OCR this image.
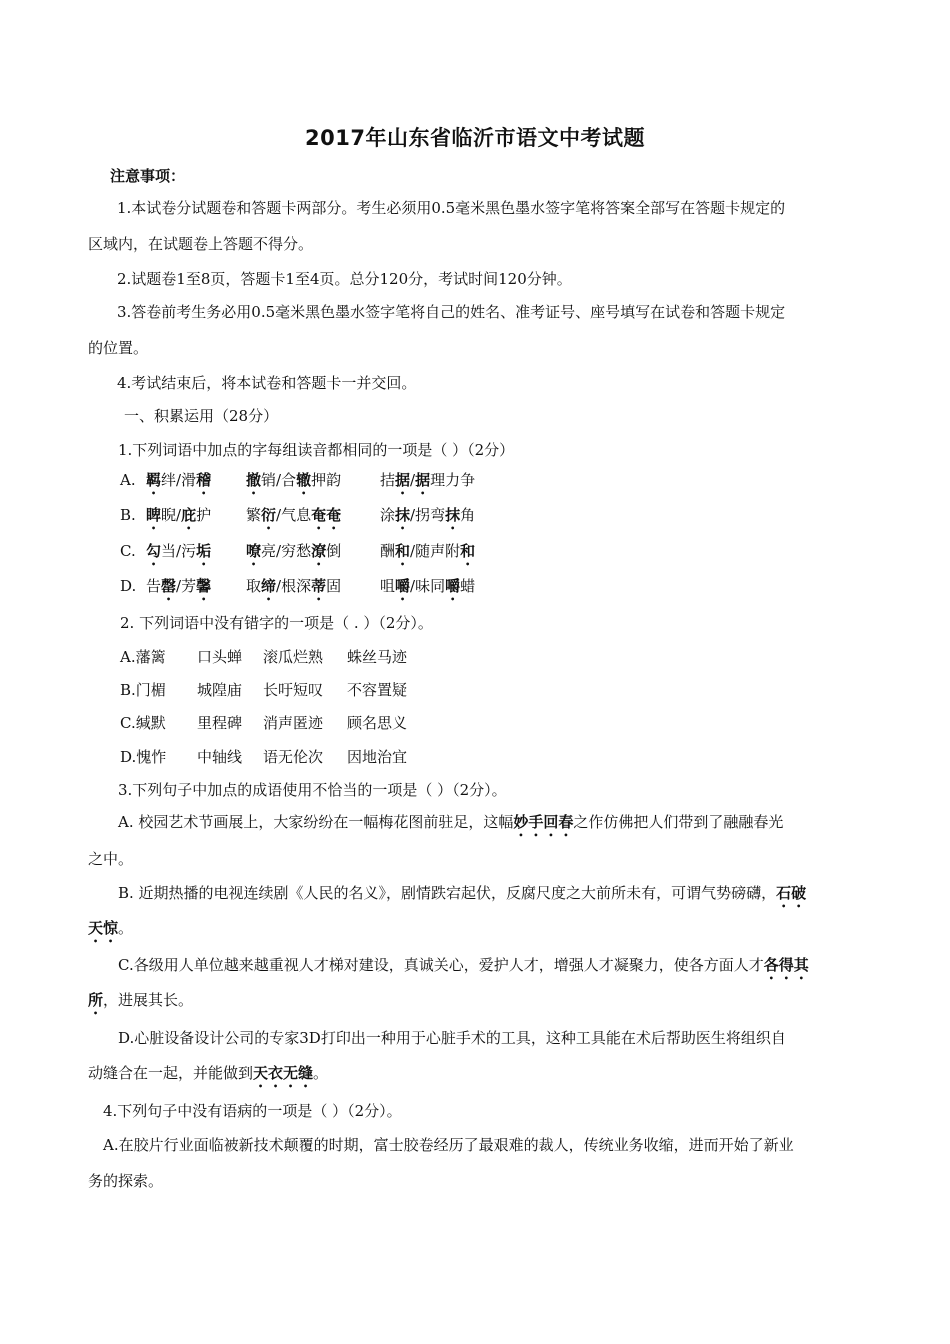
2017年山东省临沂市语文中考试题
注意事项：
1.本试卷分试题卷和答题卡两部分。考生必须用0.5毫米黑色墨水签字笔将答案全部写在答题卡规定的
区域内，在试题卷上答题不得分。
2.试题卷1至8页，答题卡1至4页。总分120分，考试时间120分钟。
3.答卷前考生务必用0.5毫米黑色墨水签字笔将自己的姓名、准考证号、座号填写在试卷和答题卡规定
的位置。
4.考试结束后，将本试卷和答题卡一并交回。
一、积累运用（28分）
1.下列词语中加点的字每组读音都相同的一项是（ ）（2分）
A. 羁绊/滑稽 撤销/合辙押韵	拮据/据理力争
B. 睥睨/庇护 繁衍/气息奄奄	涂抹/拐弯抹角
C. 勾当/污垢 嘹亮/穷愁潦倒	酬和/随声附和
D. 告罄/芳馨 取缔/根深蒂固	咀嚼/味同嚼蜡
2. 下列词语中没有错字的一项是（ . ）（2分）。
A.藩篱 口头蝉 滚瓜烂熟 蛛丝马迹
B.门楣 城隍庙 长吁短叹 不容置疑
C.缄默 里程碑 消声匿迹 顾名思义
D.愧怍 中轴线 语无伦次 因地治宜
3.下列句子中加点的成语使用不恰当的一项是（ ）（2分）。
A. 校园艺术节画展上，大家纷纷在一幅梅花图前驻足，这幅妙手回春之作仿佛把人们带到了融融春光
之中。
B. 近期热播的电视连续剧《人民的名义》，剧情跌宕起伏，反腐尺度之大前所未有，可谓气势磅礴，石破
天惊。
C.各级用人单位越来越重视人才梯对建设，真诚关心，爱护人才，增强人才凝聚力，使各方面人才各得其
所，进展其长。
D.心脏设备设计公司的专家3D打印出一种用于心脏手术的工具，这种工具能在术后帮助医生将组织自
动缝合在一起，并能做到天衣无缝。
4.下列句子中没有语病的一项是（ ）（2分）。
A.在胶片行业面临被新技术颠覆的时期，富士胶卷经历了最艰难的裁人，传统业务收缩，进而开始了新业
务的探索。
